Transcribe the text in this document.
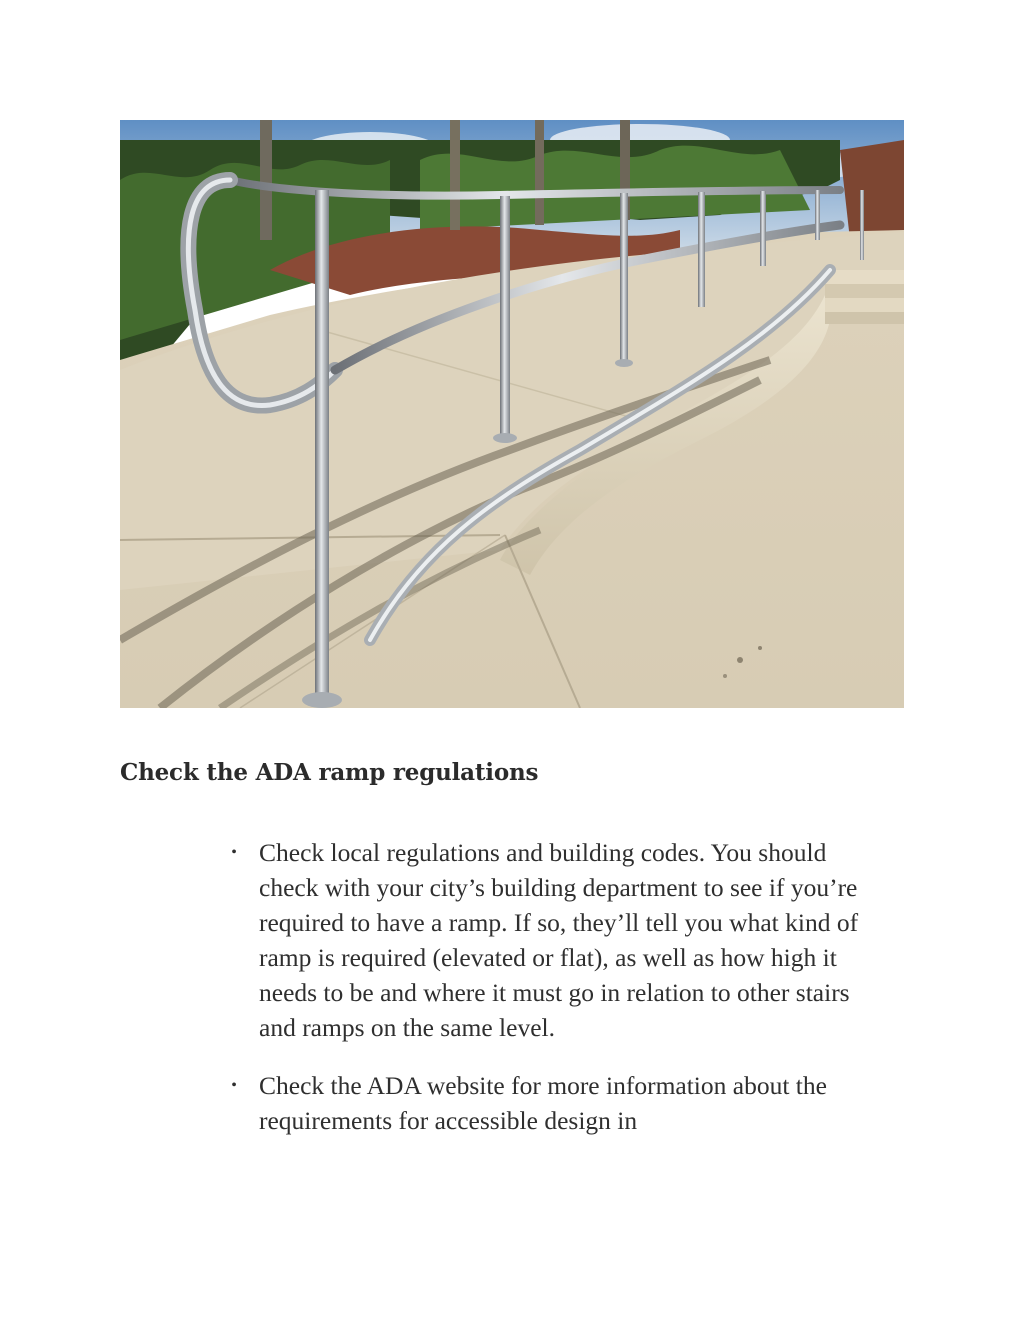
Check the ADA ramp regulations
• Check local regulations and building codes. You should
check with your city’s building department to see if you’re
required to have a ramp. If so, they’ll tell you what kind of
ramp is required (elevated or flat), as well as how high it
needs to be and where it must go in relation to other stairs
and ramps on the same level.
• Check the ADA website for more information about the
requirements for accessible design in
